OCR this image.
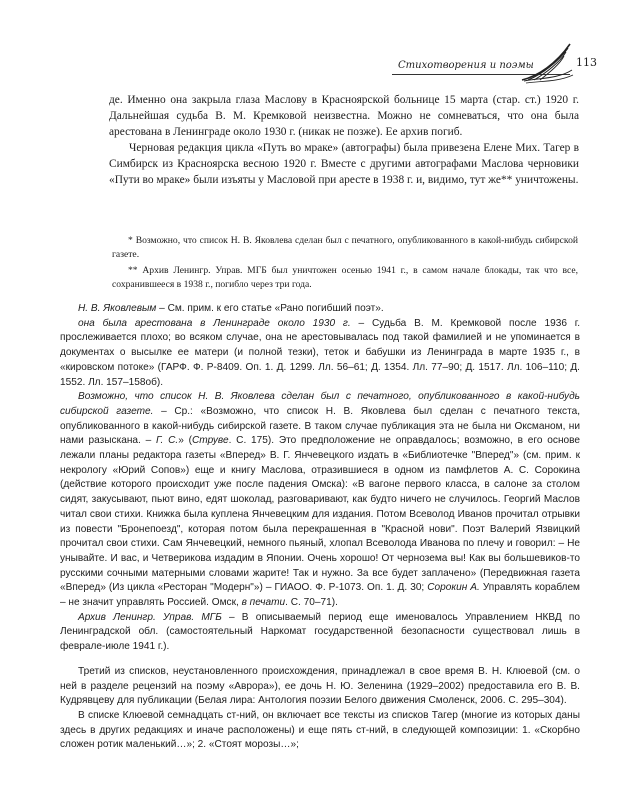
Стихотворения и поэмы	113

де. Именно она закрыла глаза Маслову в Красноярской больнице 15 марта (стар. ст.) 1920 г. Дальнейшая судьба В. М. Кремковой неизвестна. Можно не сомневаться, что она была арестована в Ленинграде около 1930 г. (никак не позже). Ее архив погиб.

Черновая редакция цикла «Путь во мраке» (автографы) была привезена Елене Мих. Тагер в Симбирск из Красноярска весною 1920 г. Вместе с другими автографами Маслова черновики «Пути во мраке» были изъяты у Масловой при аресте в 1938 г. и, видимо, тут же** уничтожены.

* Возможно, что список Н. В. Яковлева сделан был с печатного, опубликованного в какой-нибудь сибирской газете.

** Архив Ленингр. Управ. МГБ был уничтожен осенью 1941 г., в самом начале блокады, так что все, сохранившееся в 1938 г., погибло через три года.

Н. В. Яковлевым – См. прим. к его статье «Рано погибший поэт».

она была арестована в Ленинграде около 1930 г. – Судьба В. М. Кремковой после 1936 г. прослеживается плохо; во всяком случае, она не арестовывалась под такой фамилией и не упоминается в документах о высылке ее матери (и полной тезки), теток и бабушки из Ленинграда в марте 1935 г., в «кировском потоке» (ГАРФ. Ф. Р-8409. Оп. 1. Д. 1299. Лл. 56–61; Д. 1354. Лл. 77–90; Д. 1517. Лл. 106–110; Д. 1552. Лл. 157–158об).

Возможно, что список Н. В. Яковлева сделан был с печатного, опубликованного в какой-нибудь сибирской газете. – Ср.: «Возможно, что список Н. В. Яковлева был сделан с печатного текста, опубликованного в какой-нибудь сибирской газете. В таком случае публикация эта не была ни Оксманом, ни нами разыскана. – Г. С.» (Струве. С. 175). Это предположение не оправдалось; возможно, в его основе лежали планы редактора газеты «Вперед» В. Г. Янчевецкого издать в «Библиотечке "Вперед"» (см. прим. к некрологу «Юрий Сопов») еще и книгу Маслова, отразившиеся в одном из памфлетов А. С. Сорокина (действие которого происходит уже после падения Омска): «В вагоне первого класса, в салоне за столом сидят, закусывают, пьют вино, едят шоколад, разговаривают, как будто ничего не случилось. Георгий Маслов читал свои стихи. Книжка была куплена Янчевецким для издания. Потом Всеволод Иванов прочитал отрывки из повести "Бронепоезд", которая потом была перекрашенная в "Красной нови". Поэт Валерий Язвицкий прочитал свои стихи. Сам Янчевецкий, немного пьяный, хлопал Всеволода Иванова по плечу и говорил: – Не унывайте. И вас, и Четверикова издадим в Японии. Очень хорошо! От чернозема вы! Как вы большевиков-то русскими сочными матерными словами жарите! Так и нужно. За все будет заплачено» (Передвижная газета «Вперед» (Из цикла «Ресторан "Модерн"») – ГИАОО. Ф. Р-1073. Оп. 1. Д. 30; Сорокин А. Управлять кораблем – не значит управлять Россией. Омск, в печати. С. 70–71).

Архив Ленингр. Управ. МГБ – В описываемый период еще именовалось Управлением НКВД по Ленинградской обл. (самостоятельный Наркомат государственной безопасности существовал лишь в феврале-июле 1941 г.).

Третий из списков, неустановленного происхождения, принадлежал в свое время В. Н. Клюевой (см. о ней в разделе рецензий на поэму «Аврора»), ее дочь Н. Ю. Зеленина (1929–2002) предоставила его В. В. Кудрявцеву для публикации (Белая лира: Антология поэзии Белого движения Смоленск, 2006. С. 295–304).

В списке Клюевой семнадцать ст-ний, он включает все тексты из списков Тагер (многие из которых даны здесь в других редакциях и иначе расположены) и еще пять ст-ний, в следующей композиции: 1. «Скорбно сложен ротик маленький…»; 2. «Стоят морозы…»;
